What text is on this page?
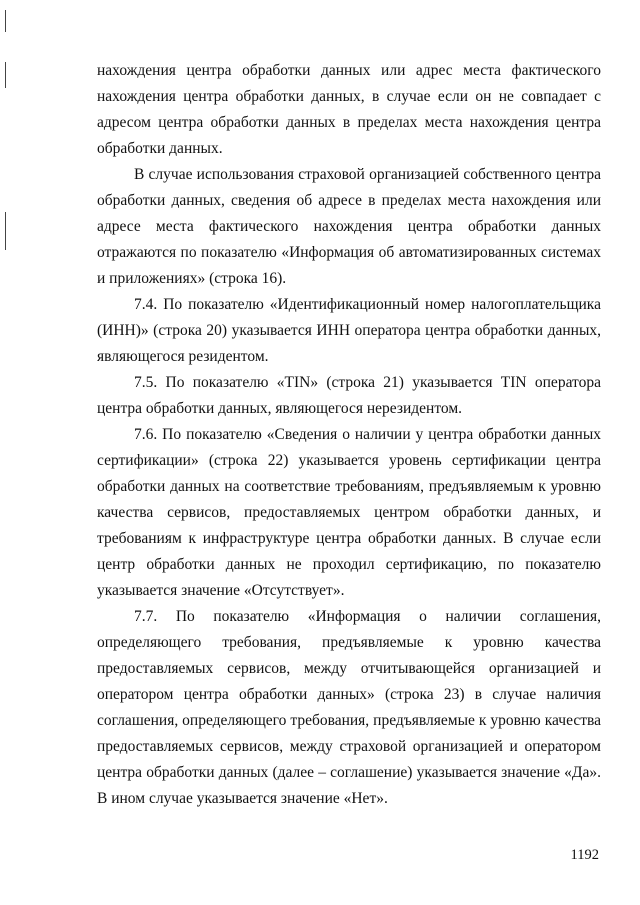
нахождения центра обработки данных или адрес места фактического нахождения центра обработки данных, в случае если он не совпадает с адресом центра обработки данных в пределах места нахождения центра обработки данных.

В случае использования страховой организацией собственного центра обработки данных, сведения об адресе в пределах места нахождения или адресе места фактического нахождения центра обработки данных отражаются по показателю «Информация об автоматизированных системах и приложениях» (строка 16).

7.4. По показателю «Идентификационный номер налогоплательщика (ИНН)» (строка 20) указывается ИНН оператора центра обработки данных, являющегося резидентом.

7.5. По показателю «TIN» (строка 21) указывается TIN оператора центра обработки данных, являющегося нерезидентом.

7.6. По показателю «Сведения о наличии у центра обработки данных сертификации» (строка 22) указывается уровень сертификации центра обработки данных на соответствие требованиям, предъявляемым к уровню качества сервисов, предоставляемых центром обработки данных, и требованиям к инфраструктуре центра обработки данных. В случае если центр обработки данных не проходил сертификацию, по показателю указывается значение «Отсутствует».

7.7. По показателю «Информация о наличии соглашения, определяющего требования, предъявляемые к уровню качества предоставляемых сервисов, между отчитывающейся организацией и оператором центра обработки данных» (строка 23) в случае наличия соглашения, определяющего требования, предъявляемые к уровню качества предоставляемых сервисов, между страховой организацией и оператором центра обработки данных (далее – соглашение) указывается значение «Да». В ином случае указывается значение «Нет».

1192
